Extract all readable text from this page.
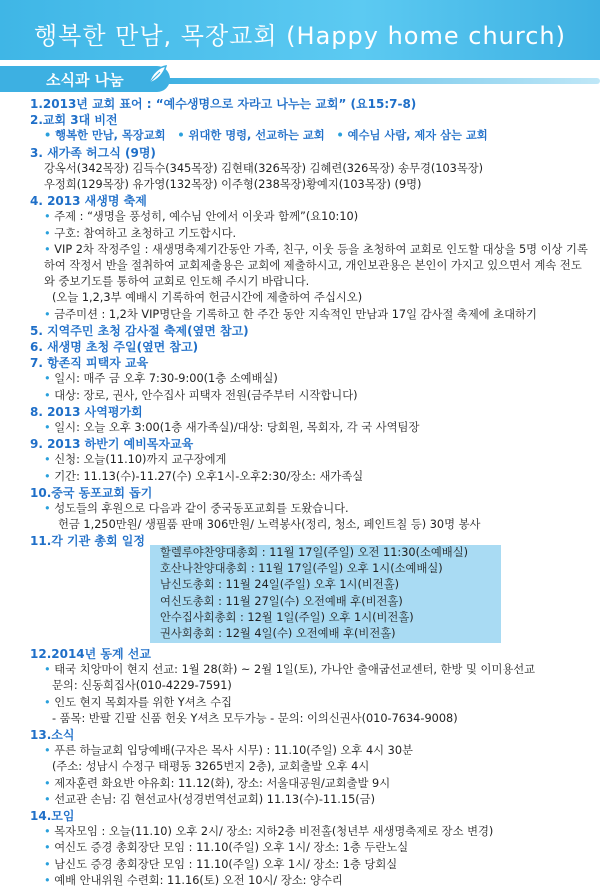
행복한 만남, 목장교회 (Happy home church)
소식과 나눔
1.2013년 교회 표어 : “예수생명으로 자라고 나누는 교회” (요15:7-8)
2.교회 3대 비전
• 행복한 만남, 목장교회 • 위대한 명령, 선교하는 교회 • 예수님 사람, 제자 삼는 교회
3. 새가족 허그식 (9명)
강옥서(342목장) 김득수(345목장) 김현태(326목장) 김혜련(326목장) 송무경(103목장)
우정희(129목장) 유가영(132목장) 이주형(238목장)황예지(103목장) (9명)
4. 2013 새생명 축제
• 주제 : “생명을 풍성히, 예수님 안에서 이웃과 함께”(요10:10)
• 구호: 참여하고 초청하고 기도합시다.
• VIP 2차 작정주일 : 새생명축제기간동안 가족, 친구, 이웃 등을 초청하여 교회로 인도할 대상을 5명 이상 기록하여 작정서 반을 절취하여 교회제출용은 교회에 제출하시고, 개인보관용은 본인이 가지고 있으면서 계속 전도와 중보기도를 통하여 교회로 인도해 주시기 바랍니다.
(오늘 1,2,3부 예배시 기록하여 헌금시간에 제출하여 주십시오)
• 금주미션 : 1,2차 VIP명단을 기록하고 한 주간 동안 지속적인 만남과 17일 감사절 축제에 초대하기
5. 지역주민 초청 감사절 축제(옆면 참고)
6. 새생명 초청 주일(옆면 참고)
7. 항존직 피택자 교육
• 일시: 매주 금 오후 7:30-9:00(1층 소예배실)
• 대상: 장로, 권사, 안수집사 피택자 전원(금주부터 시작합니다)
8. 2013 사역평가회
• 일시: 오늘 오후 3:00(1층 새가족실)/대상: 당회원, 목회자, 각 국 사역팀장
9. 2013 하반기 예비목자교육
• 신청: 오늘(11.10)까지 교구장에게
• 기간: 11.13(수)-11.27(수) 오후1시-오후2:30/장소: 새가족실
10.중국 동포교회 돕기
• 성도들의 후원으로 다음과 같이 중국동포교회를 도왔습니다.
헌금 1,250만원/ 생필품 판매 306만원/ 노력봉사(정리, 청소, 페인트칠 등) 30명 봉사
11.각 기관 총회 일정
할렐루야찬양대총회 : 11월 17일(주일) 오전 11:30(소예배실)
호산나찬양대총회 : 11월 17일(주일) 오후 1시(소예배실)
남신도총회 : 11월 24일(주일) 오후 1시(비전홀)
여신도총회 : 11월 27일(수) 오전예배 후(비전홀)
안수집사회총회 : 12월 1일(주일) 오후 1시(비전홀)
권사회총회 : 12월 4일(수) 오전예배 후(비전홀)
12.2014년 동계 선교
• 태국 치앙마이 현지 선교: 1월 28(화) ~ 2월 1일(토), 가나안 출애굽선교센터, 한방 및 이미용선교
문의: 신동희집사(010-4229-7591)
• 인도 현지 목회자를 위한 Y셔츠 수집
- 품목: 반팔 긴팔 신품 헌옷 Y셔츠 모두가능 - 문의: 이의신권사(010-7634-9008)
13.소식
• 푸른 하늘교회 입당예배(구자은 목사 시무) : 11.10(주일) 오후 4시 30분
(주소: 성남시 수정구 태평동 3265번지 2층), 교회출발 오후 4시
• 제자훈련 화요반 야유회: 11.12(화), 장소: 서울대공원/교회출발 9시
• 선교관 손님: 김 현선교사(성경번역선교회) 11.13(수)-11.15(금)
14.모임
• 목자모임 : 오늘(11.10) 오후 2시/ 장소: 지하2층 비전홀(청년부 새생명축제로 장소 변경)
• 여신도 증경 총회장단 모임 : 11.10(주일) 오후 1시/ 장소: 1층 두란노실
• 남신도 증경 총회장단 모임 : 11.10(주일) 오후 1시/ 장소: 1층 당회실
• 예배 안내위원 수련회: 11.16(토) 오전 10시/ 장소: 양수리
